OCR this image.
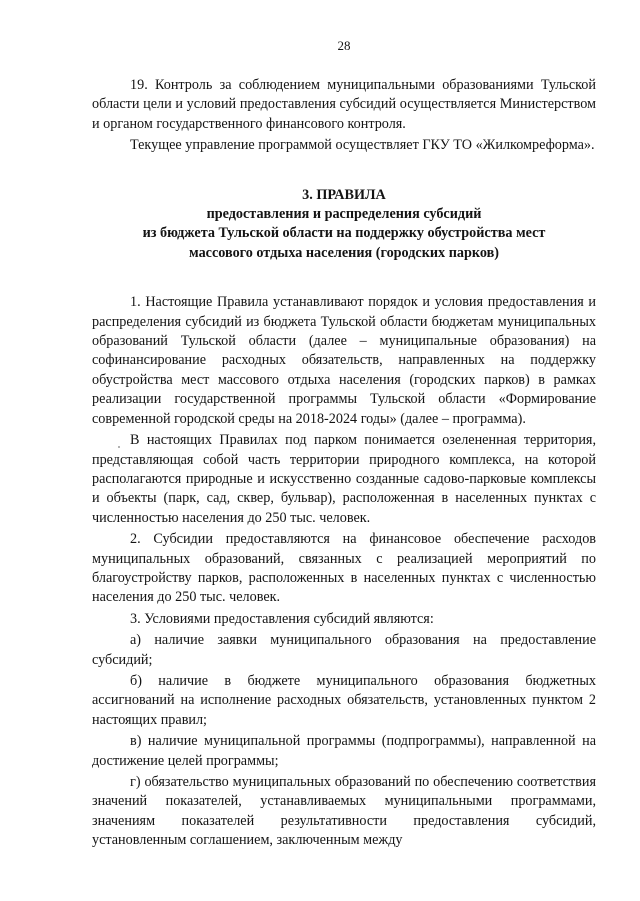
28

19. Контроль за соблюдением муниципальными образованиями Тульской области цели и условий предоставления субсидий осуществляется Министерством и органом государственного финансового контроля.

Текущее управление программой осуществляет ГКУ ТО «Жилкомреформа».

3. ПРАВИЛА
предоставления и распределения субсидий
из бюджета Тульской области на поддержку обустройства мест
массового отдыха населения (городских парков)

1. Настоящие Правила устанавливают порядок и условия предоставления и распределения субсидий из бюджета Тульской области бюджетам муниципальных образований Тульской области (далее – муниципальные образования) на софинансирование расходных обязательств, направленных на поддержку обустройства мест массового отдыха населения (городских парков) в рамках реализации государственной программы Тульской области «Формирование современной городской среды на 2018-2024 годы» (далее – программа).

В настоящих Правилах под парком понимается озелененная территория, представляющая собой часть территории природного комплекса, на которой располагаются природные и искусственно созданные садово-парковые комплексы и объекты (парк, сад, сквер, бульвар), расположенная в населенных пунктах с численностью населения до 250 тыс. человек.

2. Субсидии предоставляются на финансовое обеспечение расходов муниципальных образований, связанных с реализацией мероприятий по благоустройству парков, расположенных в населенных пунктах с численностью населения до 250 тыс. человек.

3. Условиями предоставления субсидий являются:

а) наличие заявки муниципального образования на предоставление субсидий;

б) наличие в бюджете муниципального образования бюджетных ассигнований на исполнение расходных обязательств, установленных пунктом 2 настоящих правил;

в) наличие муниципальной программы (подпрограммы), направленной на достижение целей программы;

г) обязательство муниципальных образований по обеспечению соответствия значений показателей, устанавливаемых муниципальными программами, значениям показателей результативности предоставления субсидий, установленным соглашением, заключенным между
